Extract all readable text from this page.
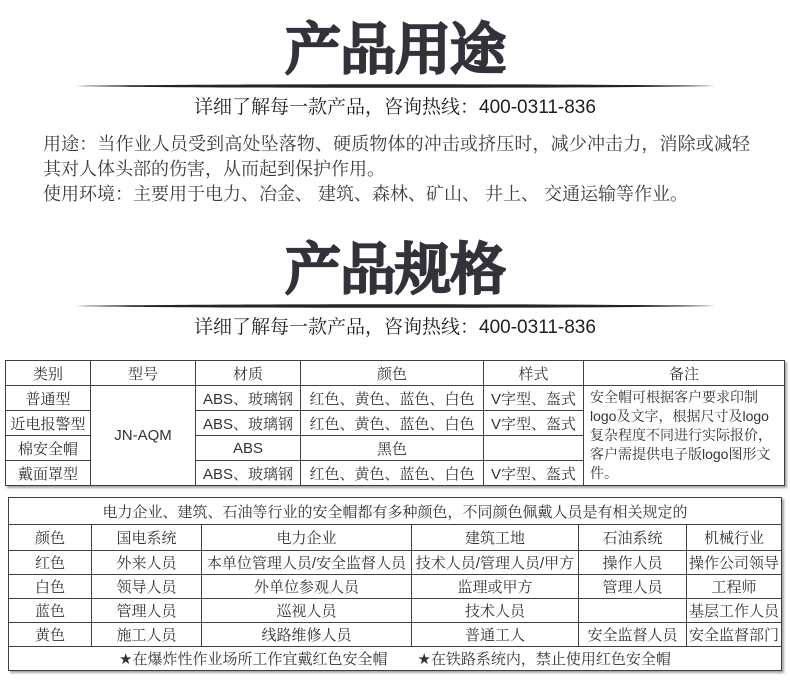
产品用途
详细了解每一款产品，咨询热线：400-0311-836

用途：当作业人员受到高处坠落物、硬质物体的冲击或挤压时，减少冲击力，消除或减轻其对人体头部的伤害，从而起到保护作用。

使用环境：主要用于电力、冶金、 建筑、森林、矿山、 井上、 交通运输等作业。

产品规格
详细了解每一款产品，咨询热线：400-0311-836
类别	型号	材质	颜色	样式	备注
普通型	JN-AQM	ABS、玻璃钢	红色、黄色、蓝色、白色	V字型、盔式	安全帽可根据客户要求印制logo及文字，根据尺寸及logo复杂程度不同进行实际报价，客户需提供电子版logo图形文件。
近电报警型		ABS、玻璃钢	红色、黄色、蓝色、白色	V字型、盔式	
棉安全帽		ABS	黑色		
戴面罩型		ABS、玻璃钢	红色、黄色、蓝色、白色	V字型、盔式	
电力企业、建筑、石油等行业的安全帽都有多种颜色，不同颜色佩戴人员是有相关规定的					
颜色	国电系统	电力企业	建筑工地	石油系统	机械行业
红色	外来人员	本单位管理人员/安全监督人员	技术人员/管理人员/甲方	操作人员	操作公司领导
白色	领导人员	外单位参观人员	监理或甲方	管理人员	工程师
蓝色	管理人员	巡视人员	技术人员		基层工作人员
黄色	施工人员	线路维修人员	普通工人	安全监督人员	安全监督部门
★在爆炸性作业场所工作宜戴红色安全帽　　★在铁路系统内，禁止使用红色安全帽					
